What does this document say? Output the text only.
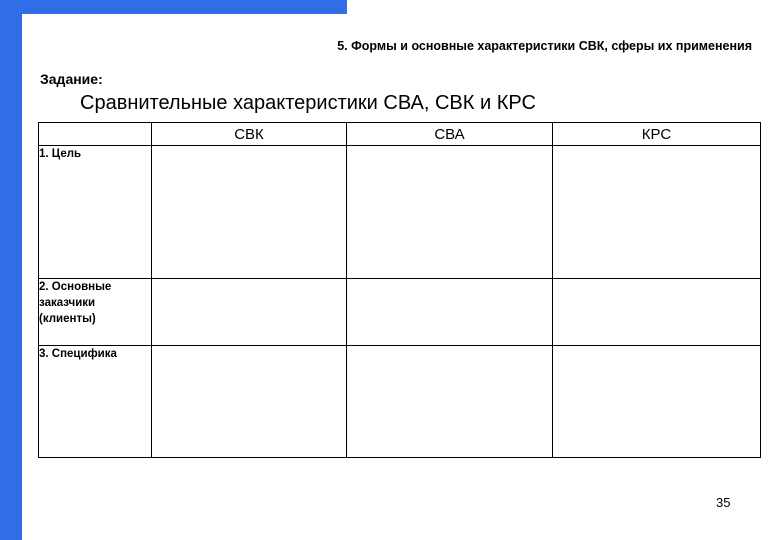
5. Формы и основные характеристики СВК, сферы их применения
Задание:
Сравнительные характеристики СВА, СВК и КРС
	СВК	СВА	КРС
1. Цель			
2. Основные заказчики (клиенты)			
3. Специфика			
35
